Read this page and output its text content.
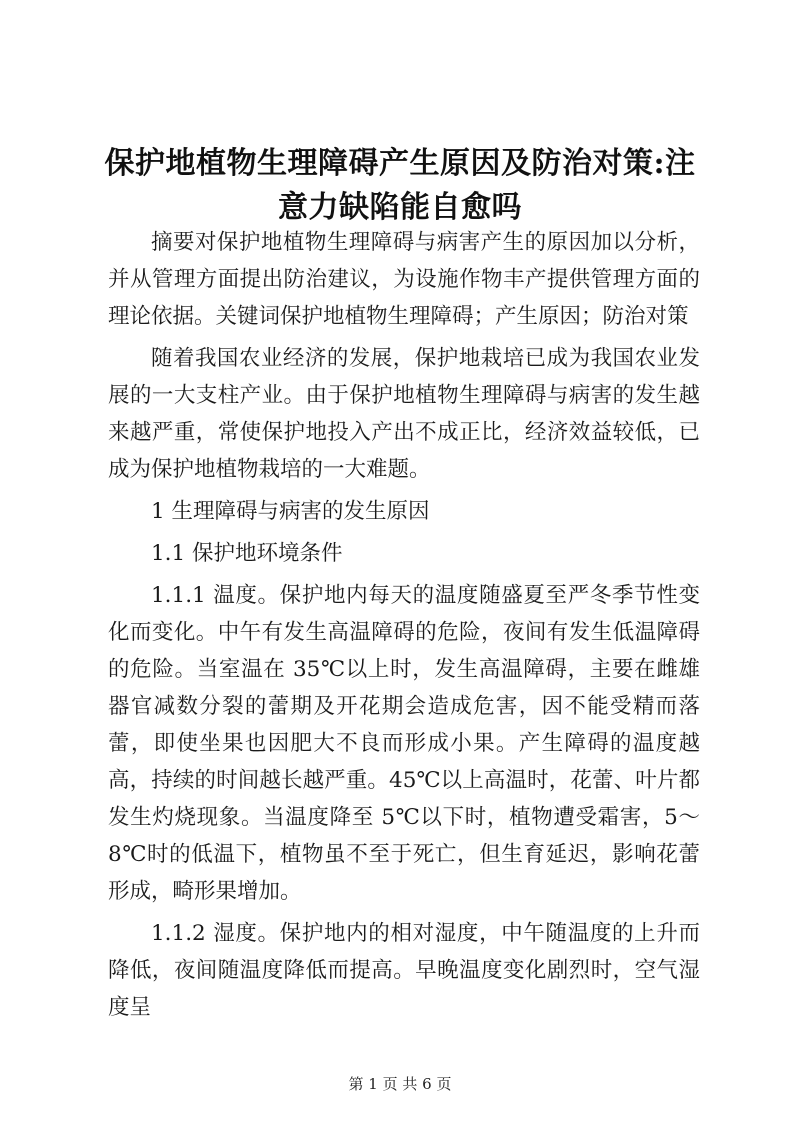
保护地植物生理障碍产生原因及防治对策:注意力缺陷能自愈吗

摘要对保护地植物生理障碍与病害产生的原因加以分析，并从管理方面提出防治建议，为设施作物丰产提供管理方面的理论依据。关键词保护地植物生理障碍；产生原因；防治对策

随着我国农业经济的发展，保护地栽培已成为我国农业发展的一大支柱产业。由于保护地植物生理障碍与病害的发生越来越严重，常使保护地投入产出不成正比，经济效益较低，已成为保护地植物栽培的一大难题。

1 生理障碍与病害的发生原因

1.1 保护地环境条件

1.1.1 温度。保护地内每天的温度随盛夏至严冬季节性变化而变化。中午有发生高温障碍的危险，夜间有发生低温障碍的危险。当室温在 35℃以上时，发生高温障碍，主要在雌雄器官减数分裂的蕾期及开花期会造成危害，因不能受精而落蕾，即使坐果也因肥大不良而形成小果。产生障碍的温度越高，持续的时间越长越严重。45℃以上高温时，花蕾、叶片都发生灼烧现象。当温度降至 5℃以下时，植物遭受霜害，5～8℃时的低温下，植物虽不至于死亡，但生育延迟，影响花蕾形成，畸形果增加。

1.1.2 湿度。保护地内的相对湿度，中午随温度的上升而降低，夜间随温度降低而提高。早晚温度变化剧烈时，空气湿度呈

第 1 页 共 6 页
